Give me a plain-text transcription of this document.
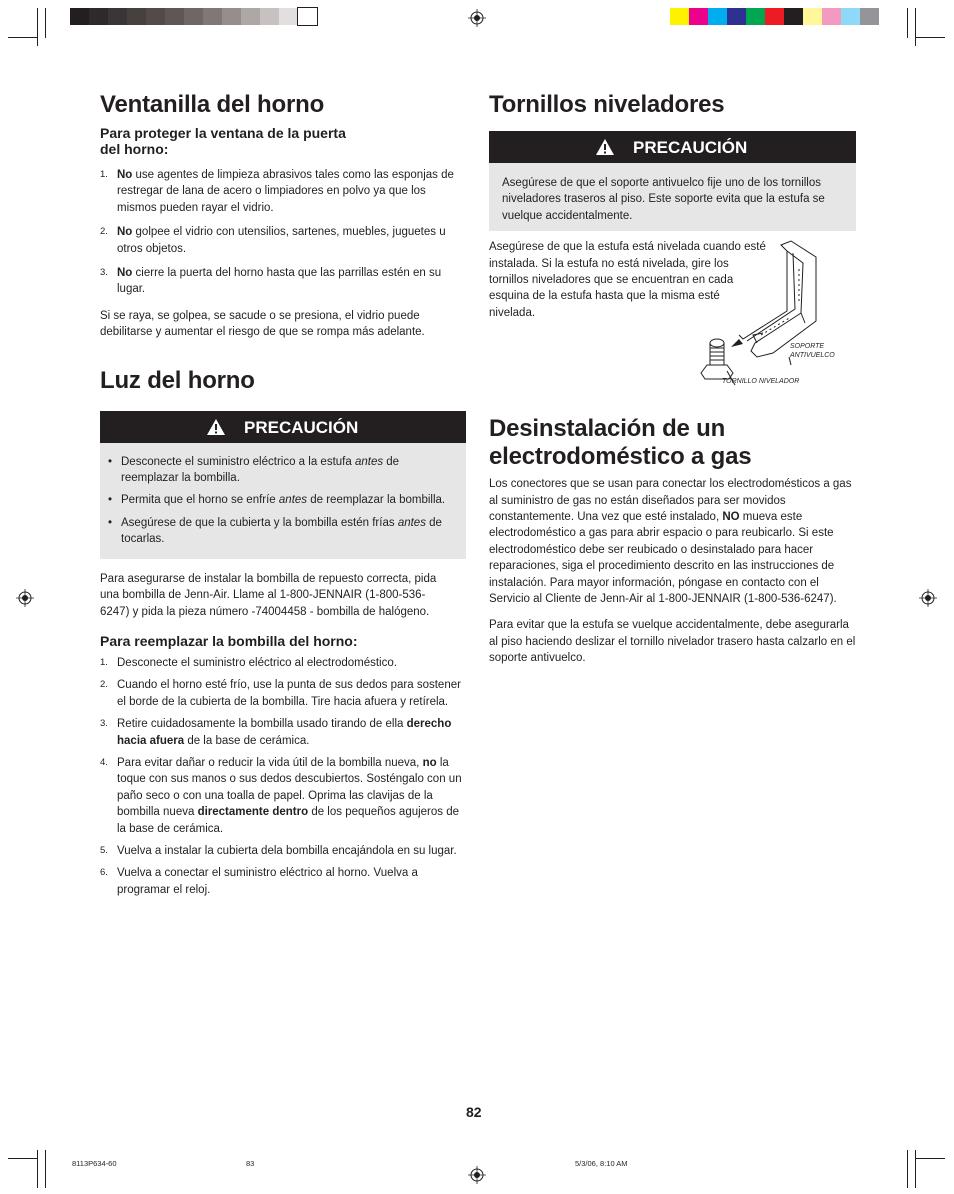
Ventanilla del horno
Para proteger la ventana de la puerta
del horno:
1. No use agentes de limpieza abrasivos tales como las esponjas de restregar de lana de acero o limpiadores en polvo ya que los mismos pueden rayar el vidrio.
2. No golpee el vidrio con utensilios, sartenes, muebles, juguetes u otros objetos.
3. No cierre la puerta del horno hasta que las parrillas estén en su lugar.

Si se raya, se golpea, se sacude o se presiona, el vidrio puede debilitarse y aumentar el riesgo de que se rompa más adelante.

Luz del horno
PRECAUCIÓN
• Desconecte el suministro eléctrico a la estufa antes de reemplazar la bombilla.
• Permita que el horno se enfríe antes de reemplazar la bombilla.
• Asegúrese de que la cubierta y la bombilla estén frías antes de tocarlas.

Para asegurarse de instalar la bombilla de repuesto correcta, pida una bombilla de Jenn-Air. Llame al 1-800-JENNAIR (1-800-536-6247) y pida la pieza número -74004458 - bombilla de halógeno.

Para reemplazar la bombilla del horno:
1. Desconecte el suministro eléctrico al electrodoméstico.
2. Cuando el horno esté frío, use la punta de sus dedos para sostener el borde de la cubierta de la bombilla. Tire hacia afuera y retírela.
3. Retire cuidadosamente la bombilla usado tirando de ella derecho hacia afuera de la base de cerámica.
4. Para evitar dañar o reducir la vida útil de la bombilla nueva, no la toque con sus manos o sus dedos descubiertos. Sosténgalo con un paño seco o con una toalla de papel. Oprima las clavijas de la bombilla nueva directamente dentro de los pequeños agujeros de la base de cerámica.
5. Vuelva a instalar la cubierta dela bombilla encajándola en su lugar.
6. Vuelva a conectar el suministro eléctrico al horno. Vuelva a programar el reloj.
Tornillos niveladores
PRECAUCIÓN

Asegúrese de que el soporte antivuelco fije uno de los tornillos niveladores traseros al piso. Este soporte evita que la estufa se vuelque accidentalmente.

Asegúrese de que la estufa está nivelada cuando esté instalada. Si la estufa no está nivelada, gire los tornillos niveladores que se encuentran en cada esquina de la estufa hasta que la misma esté nivelada.

SOPORTE
ANTIVUELCO
TORNILLO NIVELADOR
Desinstalación de un
electrodoméstico a gas

Los conectores que se usan para conectar los electrodomésticos a gas al suministro de gas no están diseñados para ser movidos constantemente. Una vez que esté instalado, NO mueva este electrodoméstico a gas para abrir espacio o para reubicarlo. Si este electrodoméstico debe ser reubicado o desinstalado para hacer reparaciones, siga el procedimiento descrito en las instrucciones de instalación. Para mayor información, póngase en contacto con el Servicio al Cliente de Jenn-Air al 1-800-JENNAIR (1-800-536-6247).

Para evitar que la estufa se vuelque accidentalmente, debe asegurarla al piso haciendo deslizar el tornillo nivelador trasero hasta calzarlo en el soporte antivuelco.

82
8113P634-60	83	5/3/06, 8:10 AM
